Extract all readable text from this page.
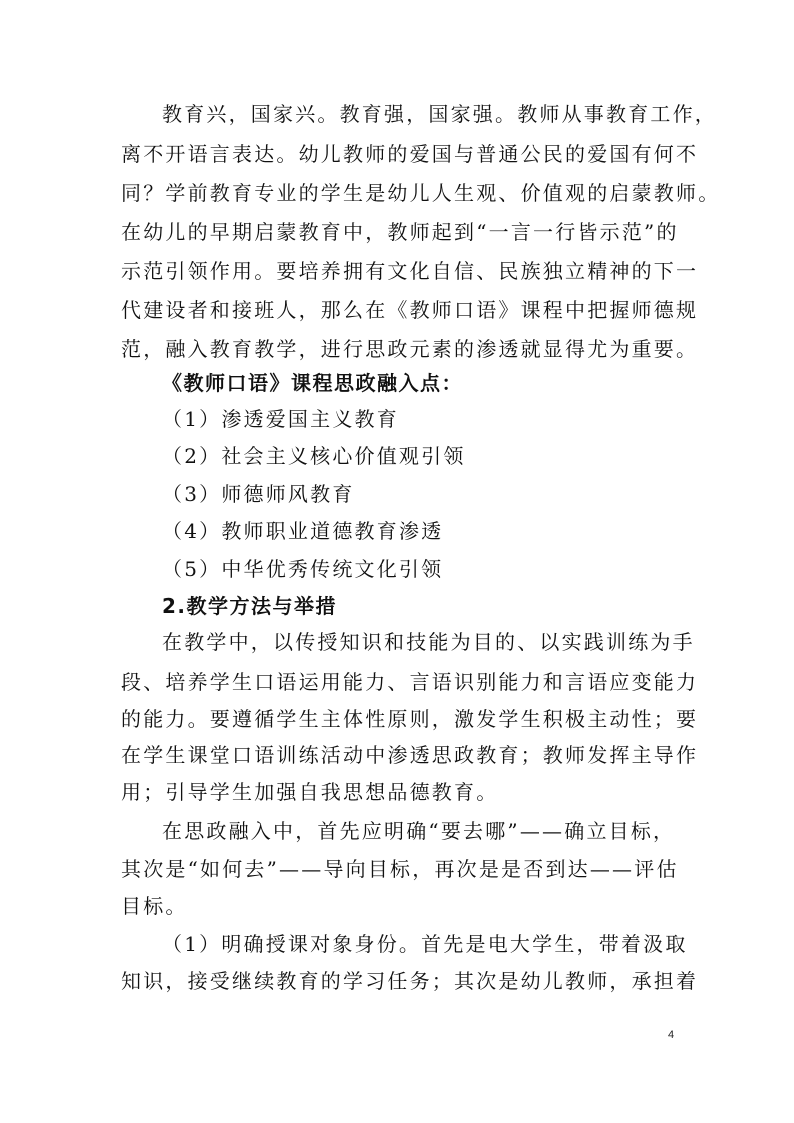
教育兴，国家兴。教育强，国家强。教师从事教育工作，
离不开语言表达。幼儿教师的爱国与普通公民的爱国有何不
同？学前教育专业的学生是幼儿人生观、价值观的启蒙教师。
在幼儿的早期启蒙教育中，教师起到“一言一行皆示范”的
示范引领作用。要培养拥有文化自信、民族独立精神的下一
代建设者和接班人，那么在《教师口语》课程中把握师德规
范，融入教育教学，进行思政元素的渗透就显得尤为重要。
《教师口语》课程思政融入点：
（1）渗透爱国主义教育
（2）社会主义核心价值观引领
（3）师德师风教育
（4）教师职业道德教育渗透
（5）中华优秀传统文化引领
2.教学方法与举措
在教学中，以传授知识和技能为目的、以实践训练为手
段、培养学生口语运用能力、言语识别能力和言语应变能力
的能力。要遵循学生主体性原则，激发学生积极主动性；要
在学生课堂口语训练活动中渗透思政教育；教师发挥主导作
用；引导学生加强自我思想品德教育。
在思政融入中，首先应明确“要去哪”——确立目标，
其次是“如何去”——导向目标，再次是是否到达——评估
目标。
（1）明确授课对象身份。首先是电大学生，带着汲取
知识，接受继续教育的学习任务；其次是幼儿教师，承担着
4
